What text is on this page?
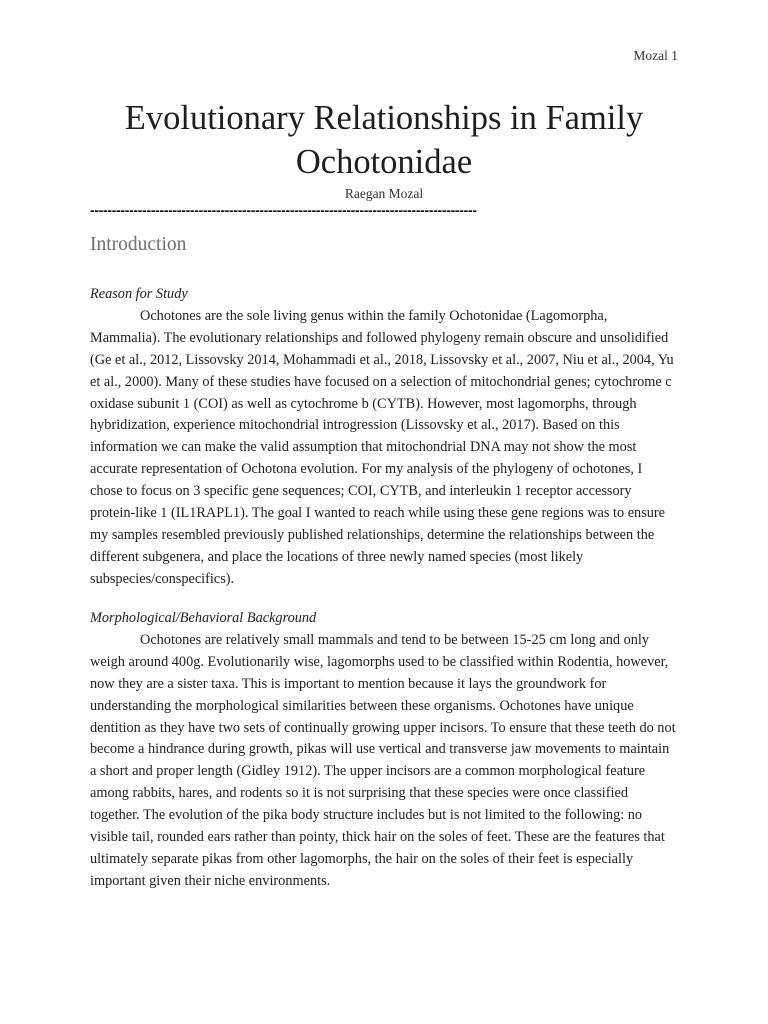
Mozal 1
Evolutionary Relationships in Family Ochotonidae
Raegan Mozal
-----------------------------------------------------------------------------------------
Introduction
Reason for Study

Ochotones are the sole living genus within the family Ochotonidae (Lagomorpha, Mammalia). The evolutionary relationships and followed phylogeny remain obscure and unsolidified (Ge et al., 2012, Lissovsky 2014, Mohammadi et al., 2018, Lissovsky et al., 2007, Niu et al., 2004, Yu et al., 2000). Many of these studies have focused on a selection of mitochondrial genes; cytochrome c oxidase subunit 1 (COI) as well as cytochrome b (CYTB). However, most lagomorphs, through hybridization, experience mitochondrial introgression (Lissovsky et al., 2017). Based on this information we can make the valid assumption that mitochondrial DNA may not show the most accurate representation of Ochotona evolution. For my analysis of the phylogeny of ochotones, I chose to focus on 3 specific gene sequences; COI, CYTB, and interleukin 1 receptor accessory protein-like 1 (IL1RAPL1). The goal I wanted to reach while using these gene regions was to ensure my samples resembled previously published relationships, determine the relationships between the different subgenera, and place the locations of three newly named species (most likely subspecies/conspecifics).

Morphological/Behavioral Background

Ochotones are relatively small mammals and tend to be between 15-25 cm long and only weigh around 400g. Evolutionarily wise, lagomorphs used to be classified within Rodentia, however, now they are a sister taxa. This is important to mention because it lays the groundwork for understanding the morphological similarities between these organisms. Ochotones have unique dentition as they have two sets of continually growing upper incisors. To ensure that these teeth do not become a hindrance during growth, pikas will use vertical and transverse jaw movements to maintain a short and proper length (Gidley 1912). The upper incisors are a common morphological feature among rabbits, hares, and rodents so it is not surprising that these species were once classified together. The evolution of the pika body structure includes but is not limited to the following: no visible tail, rounded ears rather than pointy, thick hair on the soles of feet. These are the features that ultimately separate pikas from other lagomorphs, the hair on the soles of their feet is especially important given their niche environments.
